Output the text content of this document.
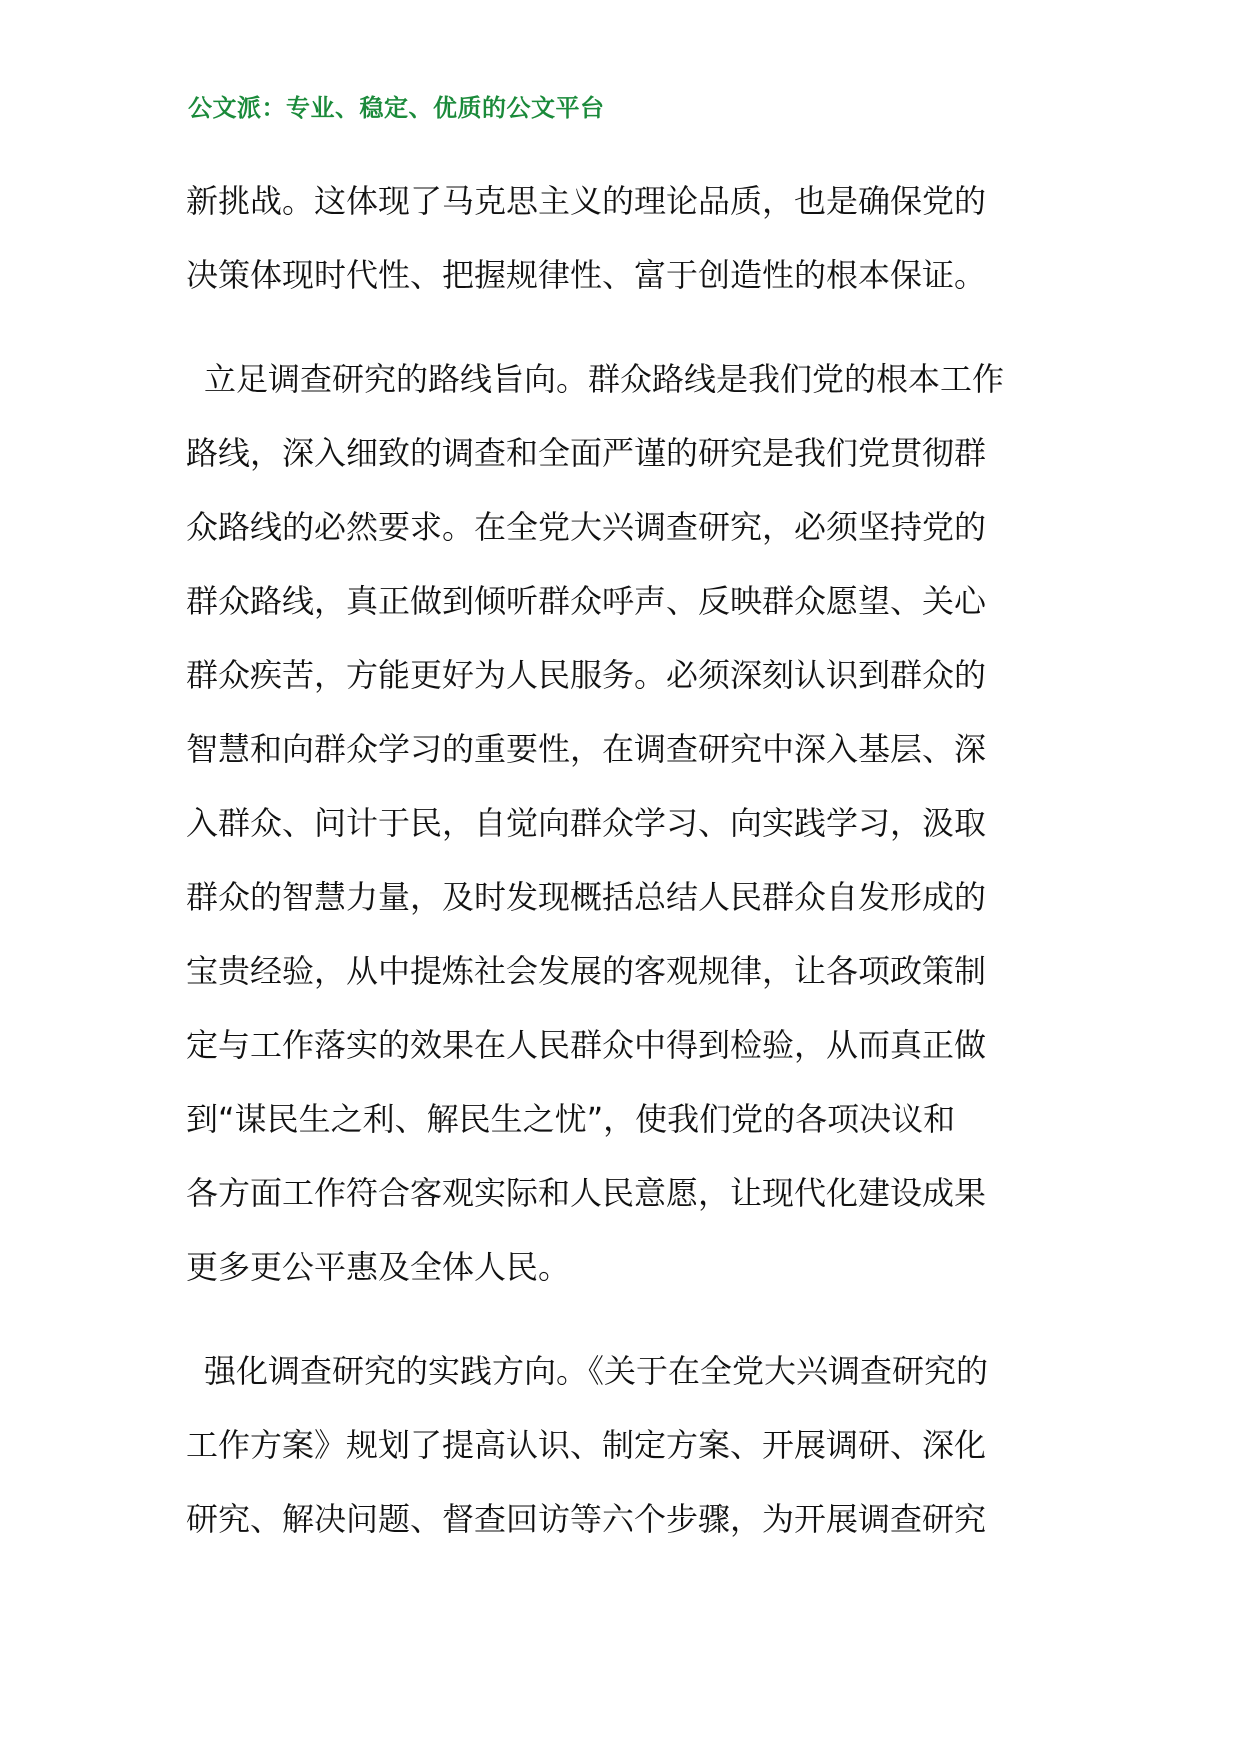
公文派：专业、稳定、优质的公文平台
新挑战。这体现了马克思主义的理论品质，也是确保党的
决策体现时代性、把握规律性、富于创造性的根本保证。
立足调查研究的路线旨向。群众路线是我们党的根本工作
路线，深入细致的调查和全面严谨的研究是我们党贯彻群
众路线的必然要求。在全党大兴调查研究，必须坚持党的
群众路线，真正做到倾听群众呼声、反映群众愿望、关心
群众疾苦，方能更好为人民服务。必须深刻认识到群众的
智慧和向群众学习的重要性，在调查研究中深入基层、深
入群众、问计于民，自觉向群众学习、向实践学习，汲取
群众的智慧力量，及时发现概括总结人民群众自发形成的
宝贵经验，从中提炼社会发展的客观规律，让各项政策制
定与工作落实的效果在人民群众中得到检验，从而真正做
到“谋民生之利、解民生之忧”，使我们党的各项决议和
各方面工作符合客观实际和人民意愿，让现代化建设成果
更多更公平惠及全体人民。
强化调查研究的实践方向。《关于在全党大兴调查研究的
工作方案》规划了提高认识、制定方案、开展调研、深化
研究、解决问题、督查回访等六个步骤，为开展调查研究
